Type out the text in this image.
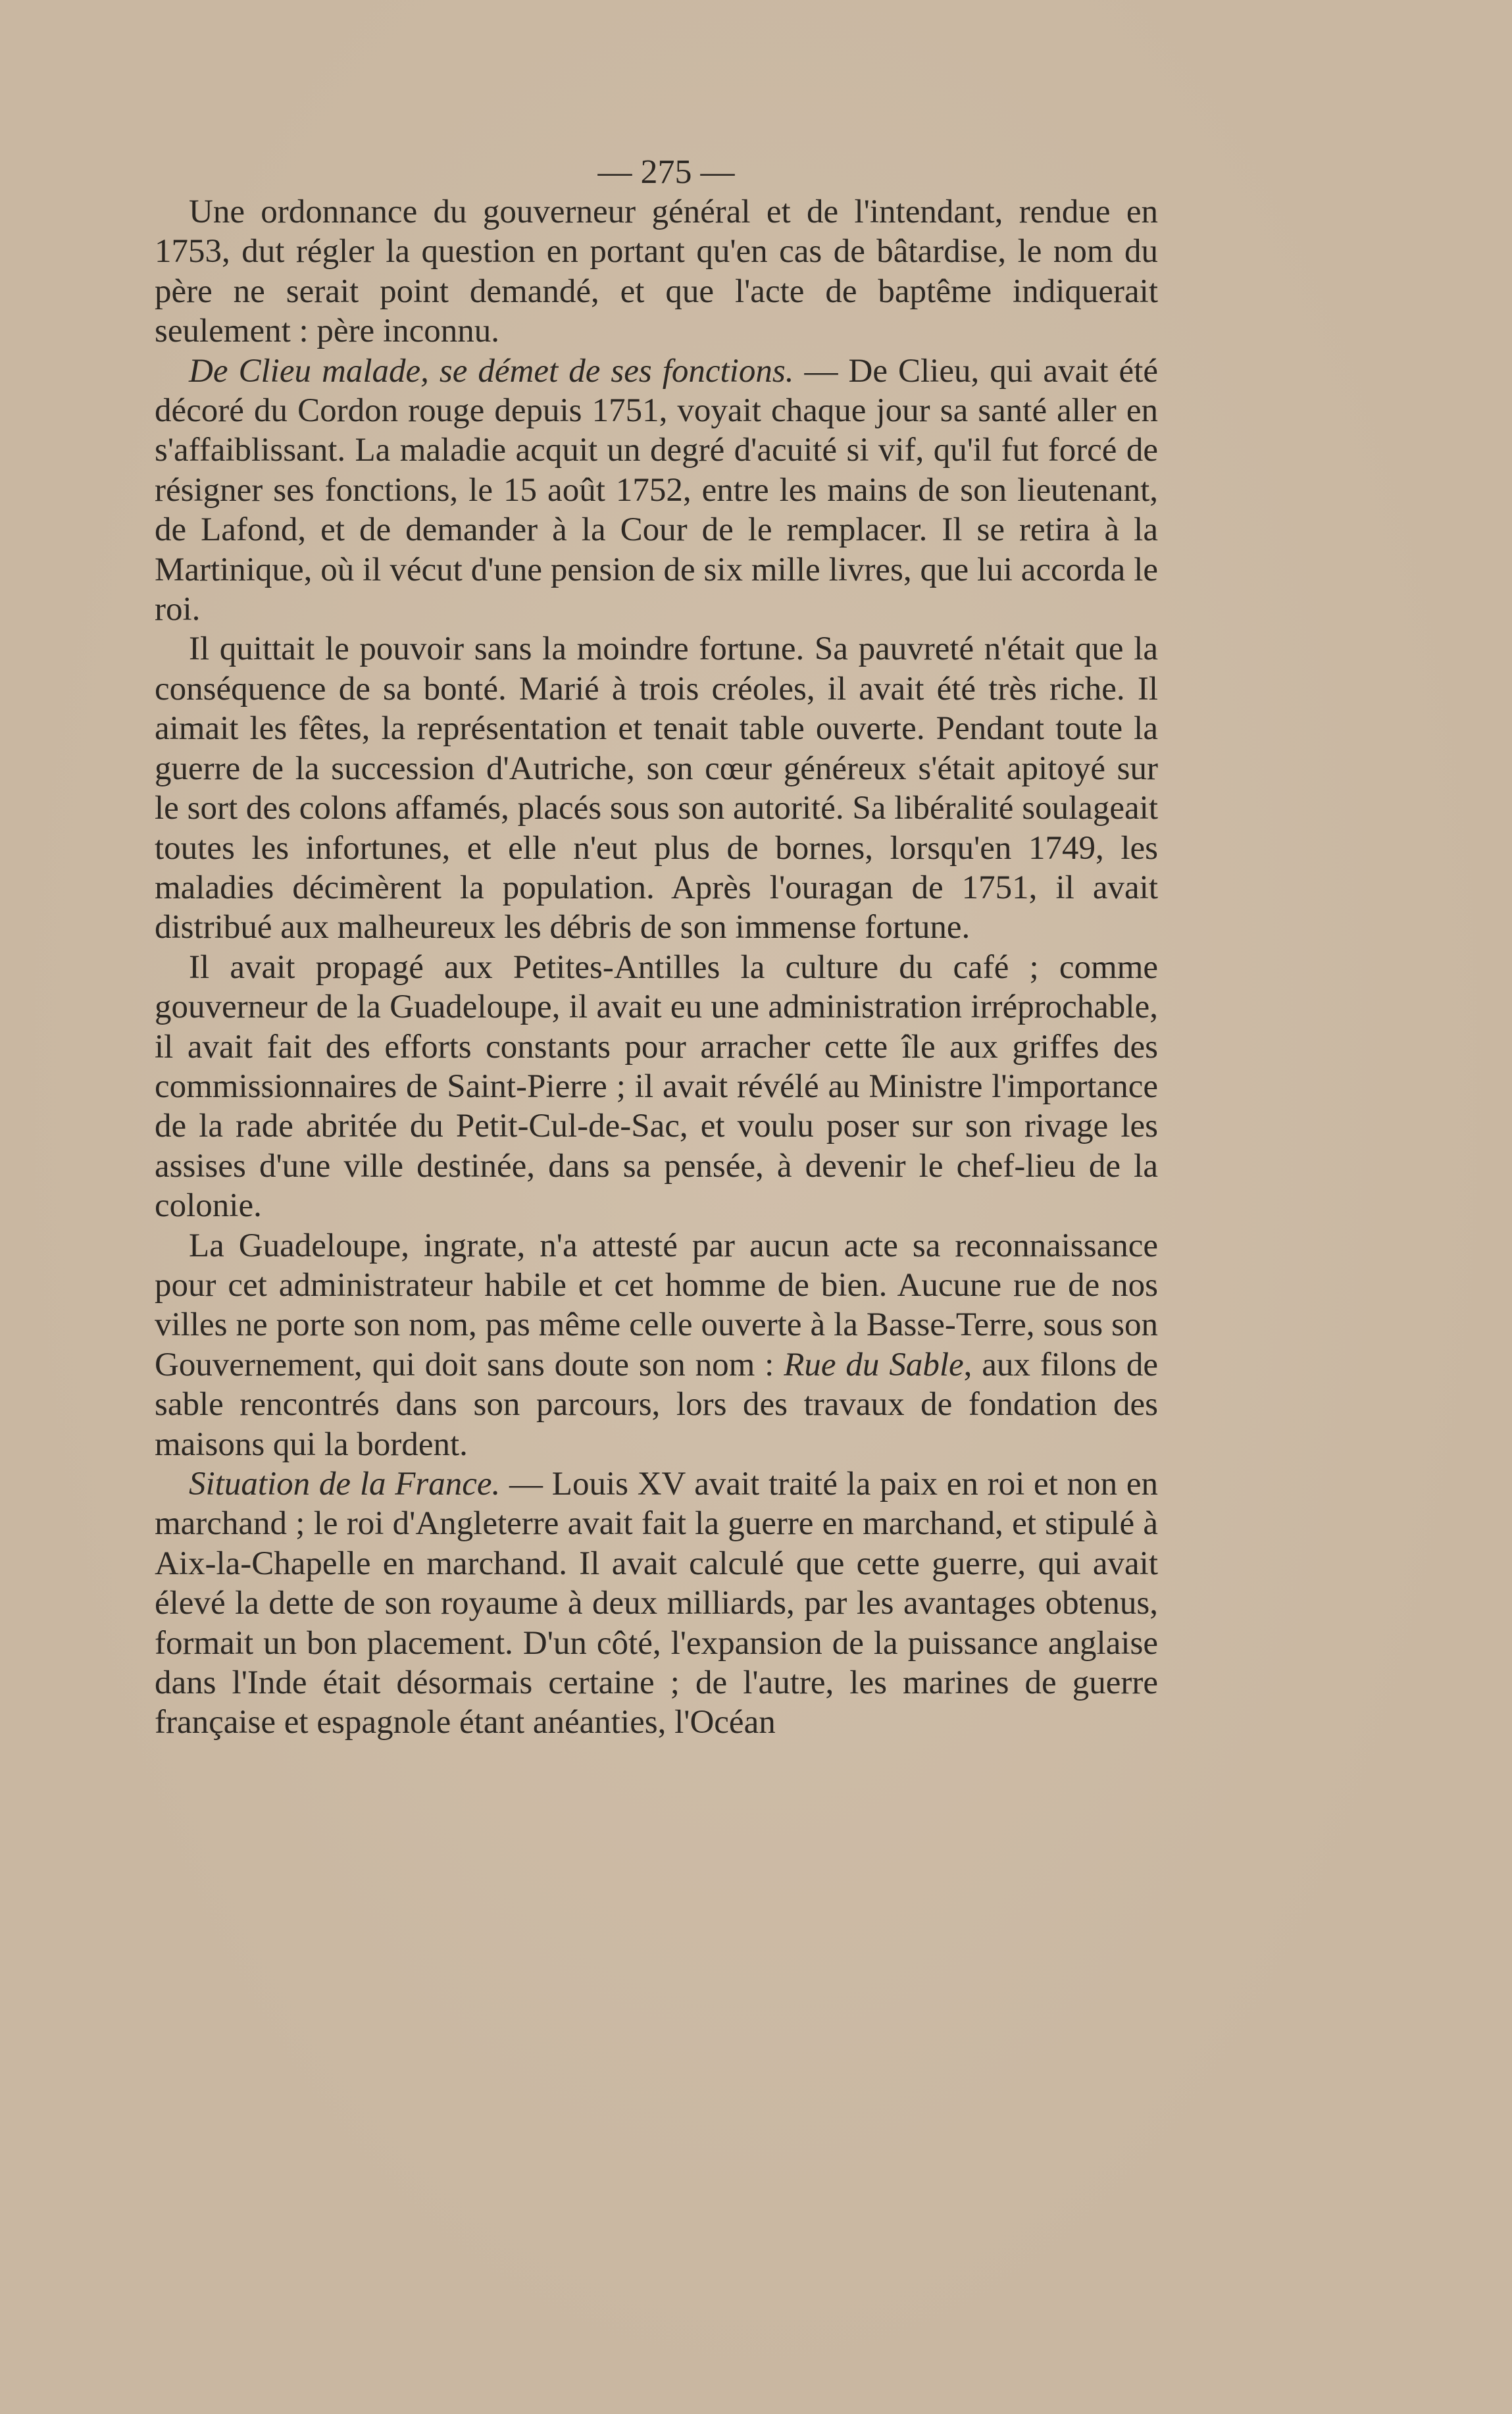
— 275 —

Une ordonnance du gouverneur général et de l'intendant, rendue en 1753, dut régler la question en portant qu'en cas de bâtardise, le nom du père ne serait point demandé, et que l'acte de baptême indiquerait seulement : père inconnu.

De Clieu malade, se démet de ses fonctions. — De Clieu, qui avait été décoré du Cordon rouge depuis 1751, voyait chaque jour sa santé aller en s'affaiblissant. La maladie acquit un degré d'acuité si vif, qu'il fut forcé de résigner ses fonctions, le 15 août 1752, entre les mains de son lieutenant, de Lafond, et de demander à la Cour de le remplacer. Il se retira à la Martinique, où il vécut d'une pension de six mille livres, que lui accorda le roi.

Il quittait le pouvoir sans la moindre fortune. Sa pauvreté n'était que la conséquence de sa bonté. Marié à trois créoles, il avait été très riche. Il aimait les fêtes, la représentation et tenait table ouverte. Pendant toute la guerre de la succession d'Autriche, son cœur généreux s'était apitoyé sur le sort des colons affamés, placés sous son autorité. Sa libéralité soulageait toutes les infortunes, et elle n'eut plus de bornes, lorsqu'en 1749, les maladies décimèrent la population. Après l'ouragan de 1751, il avait distribué aux malheureux les débris de son immense fortune.

Il avait propagé aux Petites-Antilles la culture du café ; comme gouverneur de la Guadeloupe, il avait eu une administration irréprochable, il avait fait des efforts constants pour arracher cette île aux griffes des commissionnaires de Saint-Pierre ; il avait révélé au Ministre l'importance de la rade abritée du Petit-Cul-de-Sac, et voulu poser sur son rivage les assises d'une ville destinée, dans sa pensée, à devenir le chef-lieu de la colonie.

La Guadeloupe, ingrate, n'a attesté par aucun acte sa reconnaissance pour cet administrateur habile et cet homme de bien. Aucune rue de nos villes ne porte son nom, pas même celle ouverte à la Basse-Terre, sous son Gouvernement, qui doit sans doute son nom : Rue du Sable, aux filons de sable rencontrés dans son parcours, lors des travaux de fondation des maisons qui la bordent.

Situation de la France. — Louis XV avait traité la paix en roi et non en marchand ; le roi d'Angleterre avait fait la guerre en marchand, et stipulé à Aix-la-Chapelle en marchand. Il avait calculé que cette guerre, qui avait élevé la dette de son royaume à deux milliards, par les avantages obtenus, formait un bon placement. D'un côté, l'expansion de la puissance anglaise dans l'Inde était désormais certaine ; de l'autre, les marines de guerre française et espagnole étant anéanties, l'Océan
